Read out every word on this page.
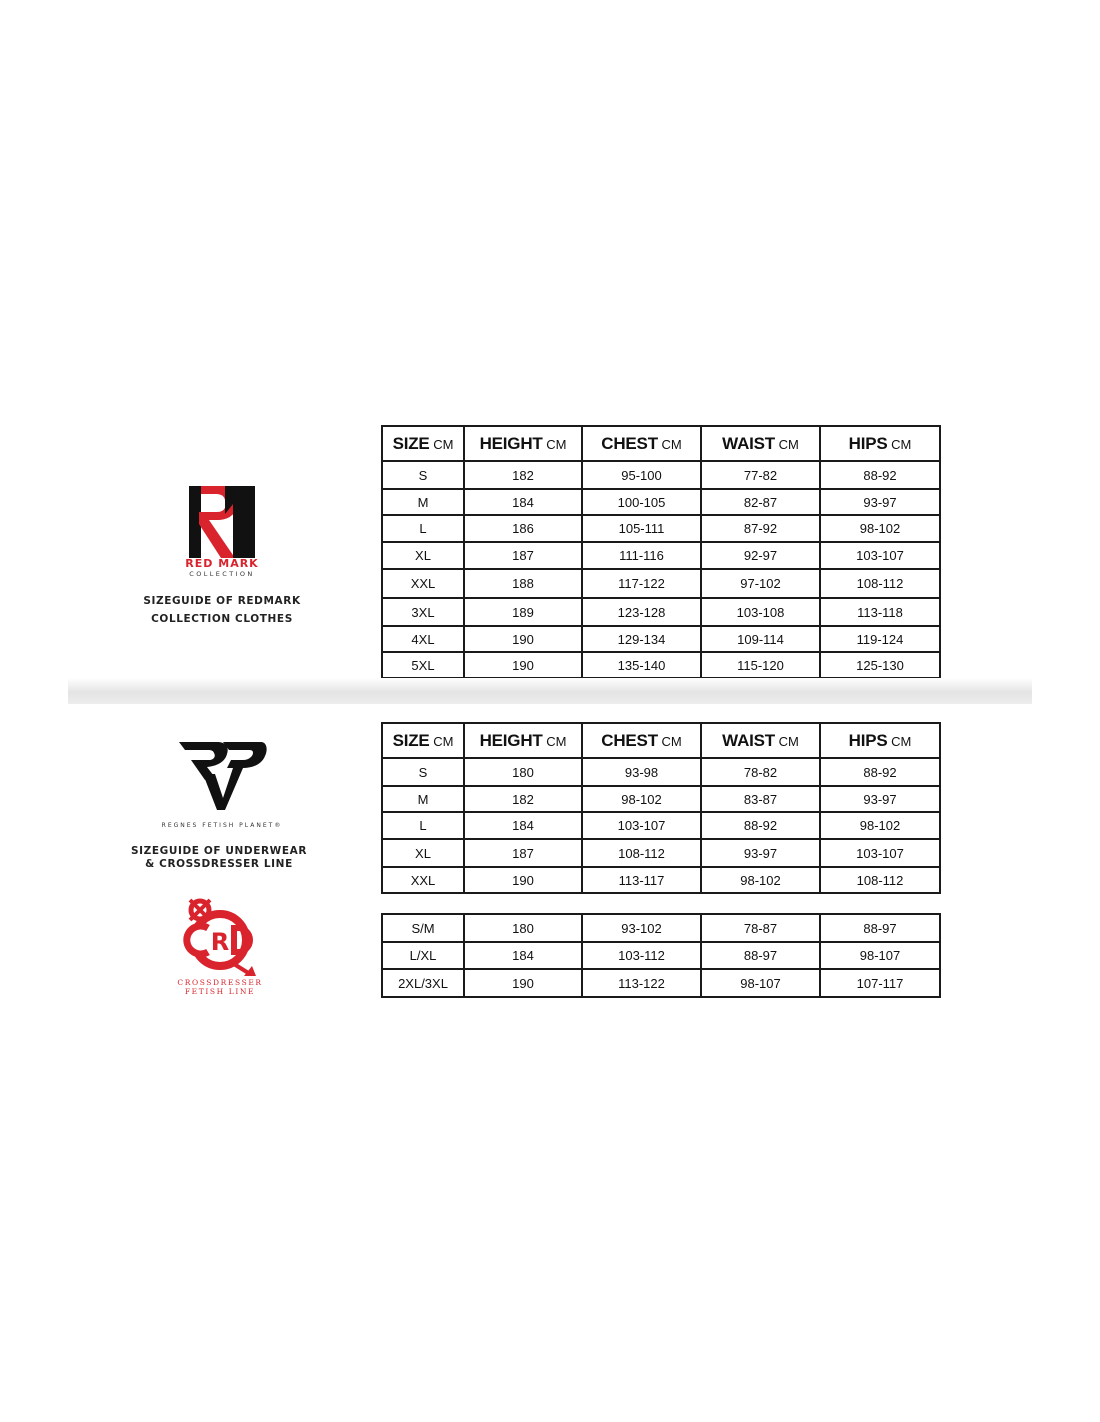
RED MARK
COLLECTION
SIZEGUIDE OF REDMARK
COLLECTION CLOTHES
SIZE CM	HEIGHT CM	CHEST CM	WAIST CM	HIPS CM
S	182	95-100	77-82	88-92
M	184	100-105	82-87	93-97
L	186	105-111	87-92	98-102
XL	187	111-116	92-97	103-107
XXL	188	117-122	97-102	108-112
3XL	189	123-128	103-108	113-118
4XL	190	129-134	109-114	119-124
5XL	190	135-140	115-120	125-130
REGNES FETISH PLANET®
SIZEGUIDE OF UNDERWEAR
& CROSSDRESSER LINE
R
CROSSDRESSER
FETISH LINE
SIZE CM	HEIGHT CM	CHEST CM	WAIST CM	HIPS CM
S	180	93-98	78-82	88-92
M	182	98-102	83-87	93-97
L	184	103-107	88-92	98-102
XL	187	108-112	93-97	103-107
XXL	190	113-117	98-102	108-112
S/M	180	93-102	78-87	88-97
L/XL	184	103-112	88-97	98-107
2XL/3XL	190	113-122	98-107	107-117
